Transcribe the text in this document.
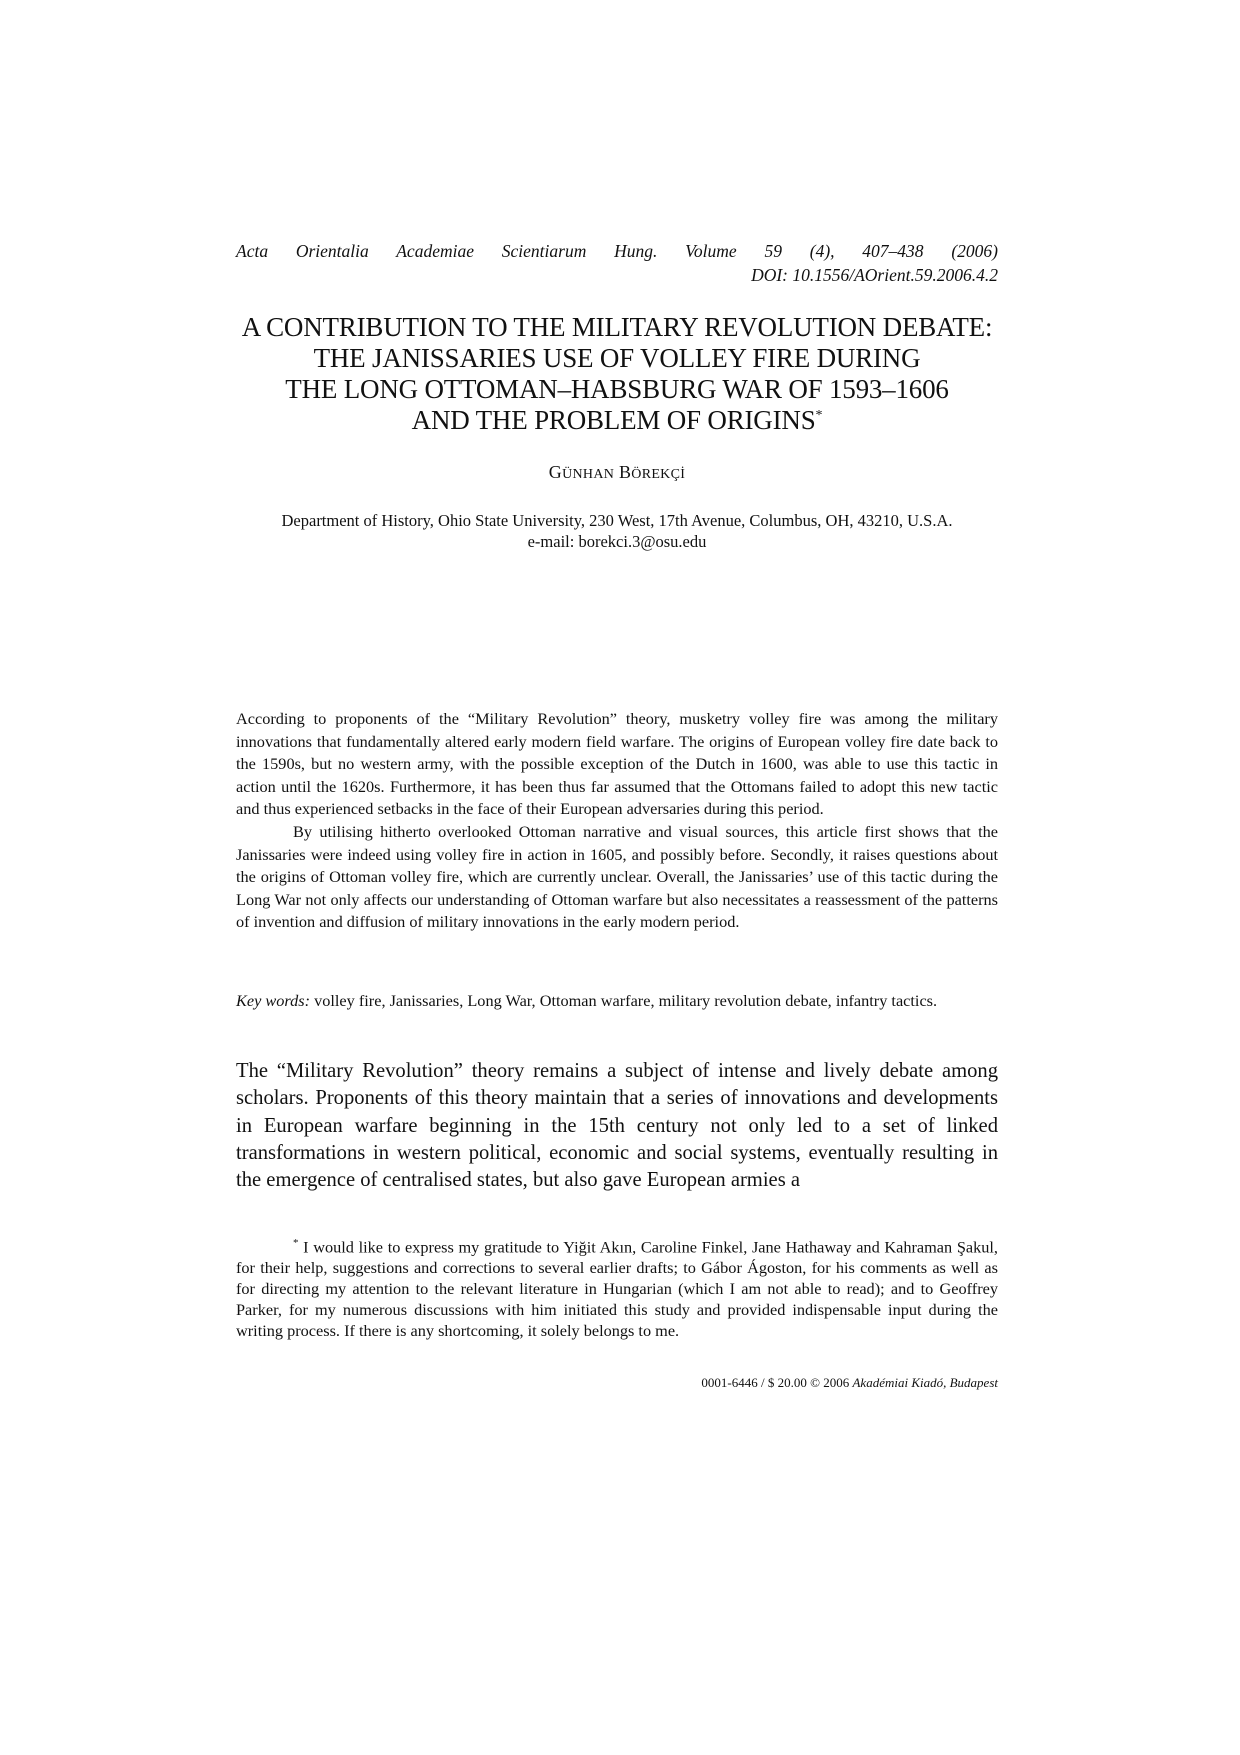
Acta Orientalia Academiae Scientiarum Hung. Volume 59 (4), 407–438 (2006)
DOI: 10.1556/AOrient.59.2006.4.2
A CONTRIBUTION TO THE MILITARY REVOLUTION DEBATE:
THE JANISSARIES USE OF VOLLEY FIRE DURING
THE LONG OTTOMAN–HABSBURG WAR OF 1593–1606
AND THE PROBLEM OF ORIGINS*
GÜNHAN BÖREKÇİ
Department of History, Ohio State University, 230 West, 17th Avenue, Columbus, OH, 43210, U.S.A.
e-mail: borekci.3@osu.edu

According to proponents of the “Military Revolution” theory, musketry volley fire was among the military innovations that fundamentally altered early modern field warfare. The origins of European volley fire date back to the 1590s, but no western army, with the possible exception of the Dutch in 1600, was able to use this tactic in action until the 1620s. Furthermore, it has been thus far assumed that the Ottomans failed to adopt this new tactic and thus experienced setbacks in the face of their European adversaries during this period.

By utilising hitherto overlooked Ottoman narrative and visual sources, this article first shows that the Janissaries were indeed using volley fire in action in 1605, and possibly before. Secondly, it raises questions about the origins of Ottoman volley fire, which are currently unclear. Overall, the Janissaries’ use of this tactic during the Long War not only affects our understanding of Ottoman warfare but also necessitates a reassessment of the patterns of invention and diffusion of military innovations in the early modern period.

Key words: volley fire, Janissaries, Long War, Ottoman warfare, military revolution debate, infantry tactics.

The “Military Revolution” theory remains a subject of intense and lively debate among scholars. Proponents of this theory maintain that a series of innovations and developments in European warfare beginning in the 15th century not only led to a set of linked transformations in western political, economic and social systems, eventually resulting in the emergence of centralised states, but also gave European armies a

* I would like to express my gratitude to Yiğit Akın, Caroline Finkel, Jane Hathaway and Kahraman Şakul, for their help, suggestions and corrections to several earlier drafts; to Gábor Ágoston, for his comments as well as for directing my attention to the relevant literature in Hungarian (which I am not able to read); and to Geoffrey Parker, for my numerous discussions with him initiated this study and provided indispensable input during the writing process. If there is any shortcoming, it solely belongs to me.

0001-6446 / $ 20.00 © 2006 Akadémiai Kiadó, Budapest
